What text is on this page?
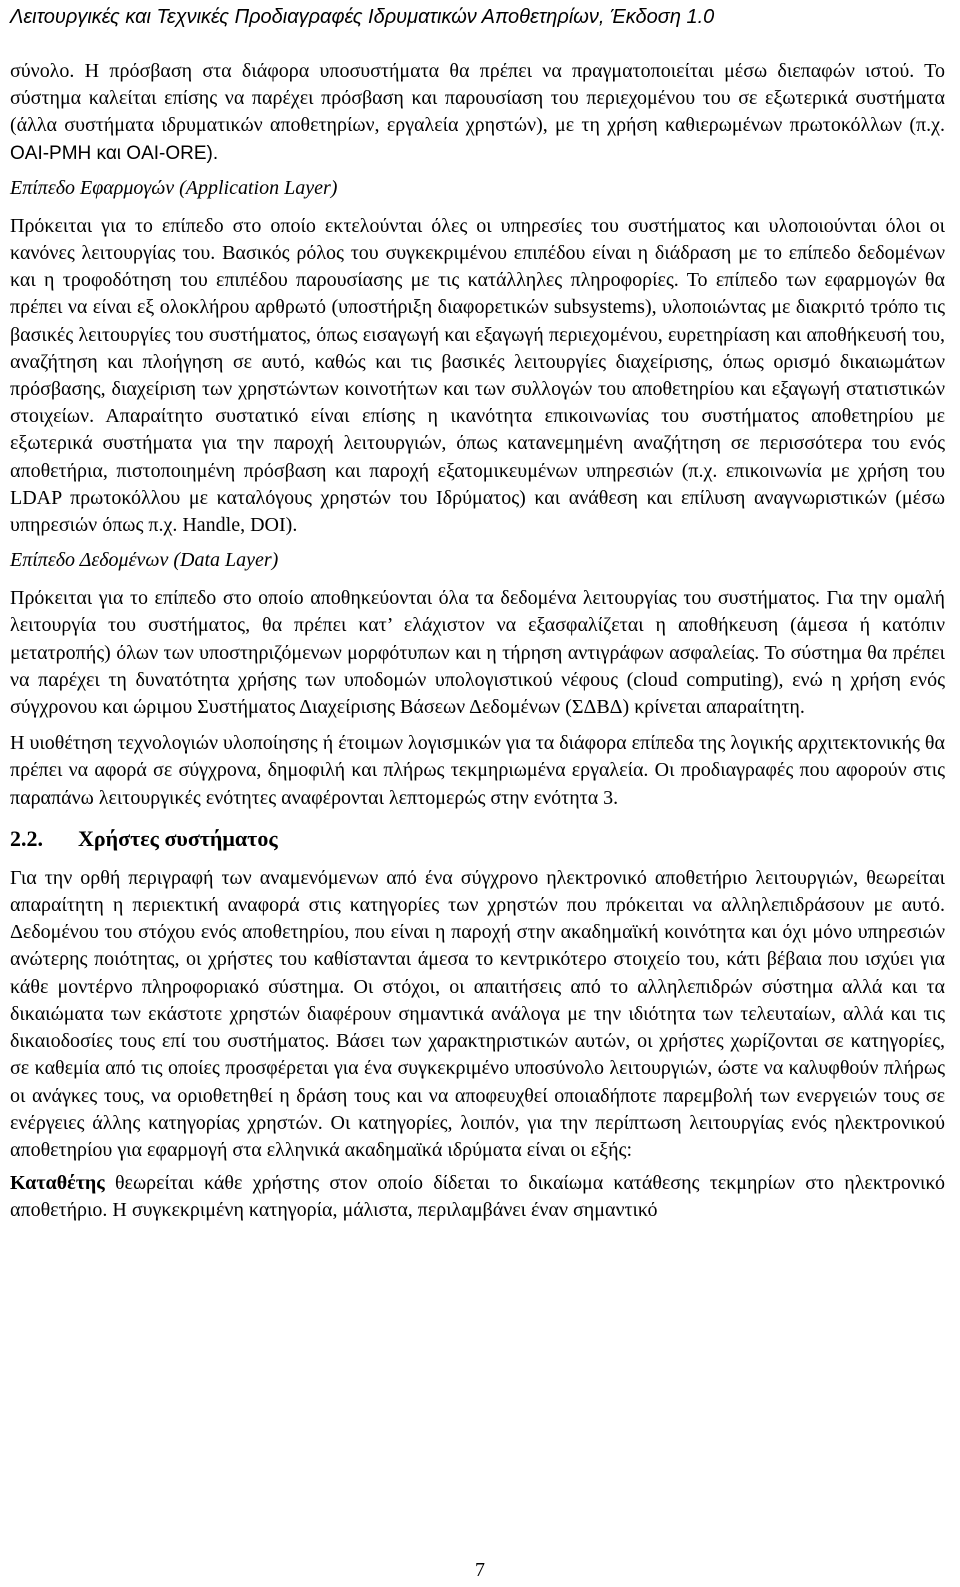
Λειτουργικές και Τεχνικές Προδιαγραφές Ιδρυματικών Αποθετηρίων, Έκδοση 1.0

σύνολο. Η πρόσβαση στα διάφορα υποσυστήματα θα πρέπει να πραγματοποιείται μέσω διεπαφών ιστού. Το σύστημα καλείται επίσης να παρέχει πρόσβαση και παρουσίαση του περιεχομένου του σε εξωτερικά συστήματα (άλλα συστήματα ιδρυματικών αποθετηρίων, εργαλεία χρηστών), με τη χρήση καθιερωμένων πρωτοκόλλων (π.χ. OAI-PMH και OAI-ORE).

Επίπεδο Εφαρμογών (Application Layer)

Πρόκειται για το επίπεδο στο οποίο εκτελούνται όλες οι υπηρεσίες του συστήματος και υλοποιούνται όλοι οι κανόνες λειτουργίας του. Βασικός ρόλος του συγκεκριμένου επιπέδου είναι η διάδραση με το επίπεδο δεδομένων και η τροφοδότηση του επιπέδου παρουσίασης με τις κατάλληλες πληροφορίες. Το επίπεδο των εφαρμογών θα πρέπει να είναι εξ ολοκλήρου αρθρωτό (υποστήριξη διαφορετικών subsystems), υλοποιώντας με διακριτό τρόπο τις βασικές λειτουργίες του συστήματος, όπως εισαγωγή και εξαγωγή περιεχομένου, ευρετηρίαση και αποθήκευσή του, αναζήτηση και πλοήγηση σε αυτό, καθώς και τις βασικές λειτουργίες διαχείρισης, όπως ορισμό δικαιωμάτων πρόσβασης, διαχείριση των χρηστώντων κοινοτήτων και των συλλογών του αποθετηρίου και εξαγωγή στατιστικών στοιχείων. Απαραίτητο συστατικό είναι επίσης η ικανότητα επικοινωνίας του συστήματος αποθετηρίου με εξωτερικά συστήματα για την παροχή λειτουργιών, όπως κατανεμημένη αναζήτηση σε περισσότερα του ενός αποθετήρια, πιστοποιημένη πρόσβαση και παροχή εξατομικευμένων υπηρεσιών (π.χ. επικοινωνία με χρήση του LDAP πρωτοκόλλου με καταλόγους χρηστών του Ιδρύματος) και ανάθεση και επίλυση αναγνωριστικών (μέσω υπηρεσιών όπως π.χ. Handle, DOI).

Επίπεδο Δεδομένων (Data Layer)

Πρόκειται για το επίπεδο στο οποίο αποθηκεύονται όλα τα δεδομένα λειτουργίας του συστήματος. Για την ομαλή λειτουργία του συστήματος, θα πρέπει κατ’ ελάχιστον να εξασφαλίζεται η αποθήκευση (άμεσα ή κατόπιν μετατροπής) όλων των υποστηριζόμενων μορφότυπων και η τήρηση αντιγράφων ασφαλείας. Το σύστημα θα πρέπει να παρέχει τη δυνατότητα χρήσης των υποδομών υπολογιστικού νέφους (cloud computing), ενώ η χρήση ενός σύγχρονου και ώριμου Συστήματος Διαχείρισης Βάσεων Δεδομένων (ΣΔΒΔ) κρίνεται απαραίτητη.

Η υιοθέτηση τεχνολογιών υλοποίησης ή έτοιμων λογισμικών για τα διάφορα επίπεδα της λογικής αρχιτεκτονικής θα πρέπει να αφορά σε σύγχρονα, δημοφιλή και πλήρως τεκμηριωμένα εργαλεία. Οι προδιαγραφές που αφορούν στις παραπάνω λειτουργικές ενότητες αναφέρονται λεπτομερώς στην ενότητα 3.

2.2. Χρήστες συστήματος

Για την ορθή περιγραφή των αναμενόμενων από ένα σύγχρονο ηλεκτρονικό αποθετήριο λειτουργιών, θεωρείται απαραίτητη η περιεκτική αναφορά στις κατηγορίες των χρηστών που πρόκειται να αλληλεπιδράσουν με αυτό. Δεδομένου του στόχου ενός αποθετηρίου, που είναι η παροχή στην ακαδημαϊκή κοινότητα και όχι μόνο υπηρεσιών ανώτερης ποιότητας, οι χρήστες του καθίστανται άμεσα το κεντρικότερο στοιχείο του, κάτι βέβαια που ισχύει για κάθε μοντέρνο πληροφοριακό σύστημα. Οι στόχοι, οι απαιτήσεις από το αλληλεπιδρών σύστημα αλλά και τα δικαιώματα των εκάστοτε χρηστών διαφέρουν σημαντικά ανάλογα με την ιδιότητα των τελευταίων, αλλά και τις δικαιοδοσίες τους επί του συστήματος. Βάσει των χαρακτηριστικών αυτών, οι χρήστες χωρίζονται σε κατηγορίες, σε καθεμία από τις οποίες προσφέρεται για ένα συγκεκριμένο υποσύνολο λειτουργιών, ώστε να καλυφθούν πλήρως οι ανάγκες τους, να οριοθετηθεί η δράση τους και να αποφευχθεί οποιαδήποτε παρεμβολή των ενεργειών τους σε ενέργειες άλλης κατηγορίας χρηστών. Οι κατηγορίες, λοιπόν, για την περίπτωση λειτουργίας ενός ηλεκτρονικού αποθετηρίου για εφαρμογή στα ελληνικά ακαδημαϊκά ιδρύματα είναι οι εξής:

Καταθέτης θεωρείται κάθε χρήστης στον οποίο δίδεται το δικαίωμα κατάθεσης τεκμηρίων στο ηλεκτρονικό αποθετήριο. Η συγκεκριμένη κατηγορία, μάλιστα, περιλαμβάνει έναν σημαντικό

7
